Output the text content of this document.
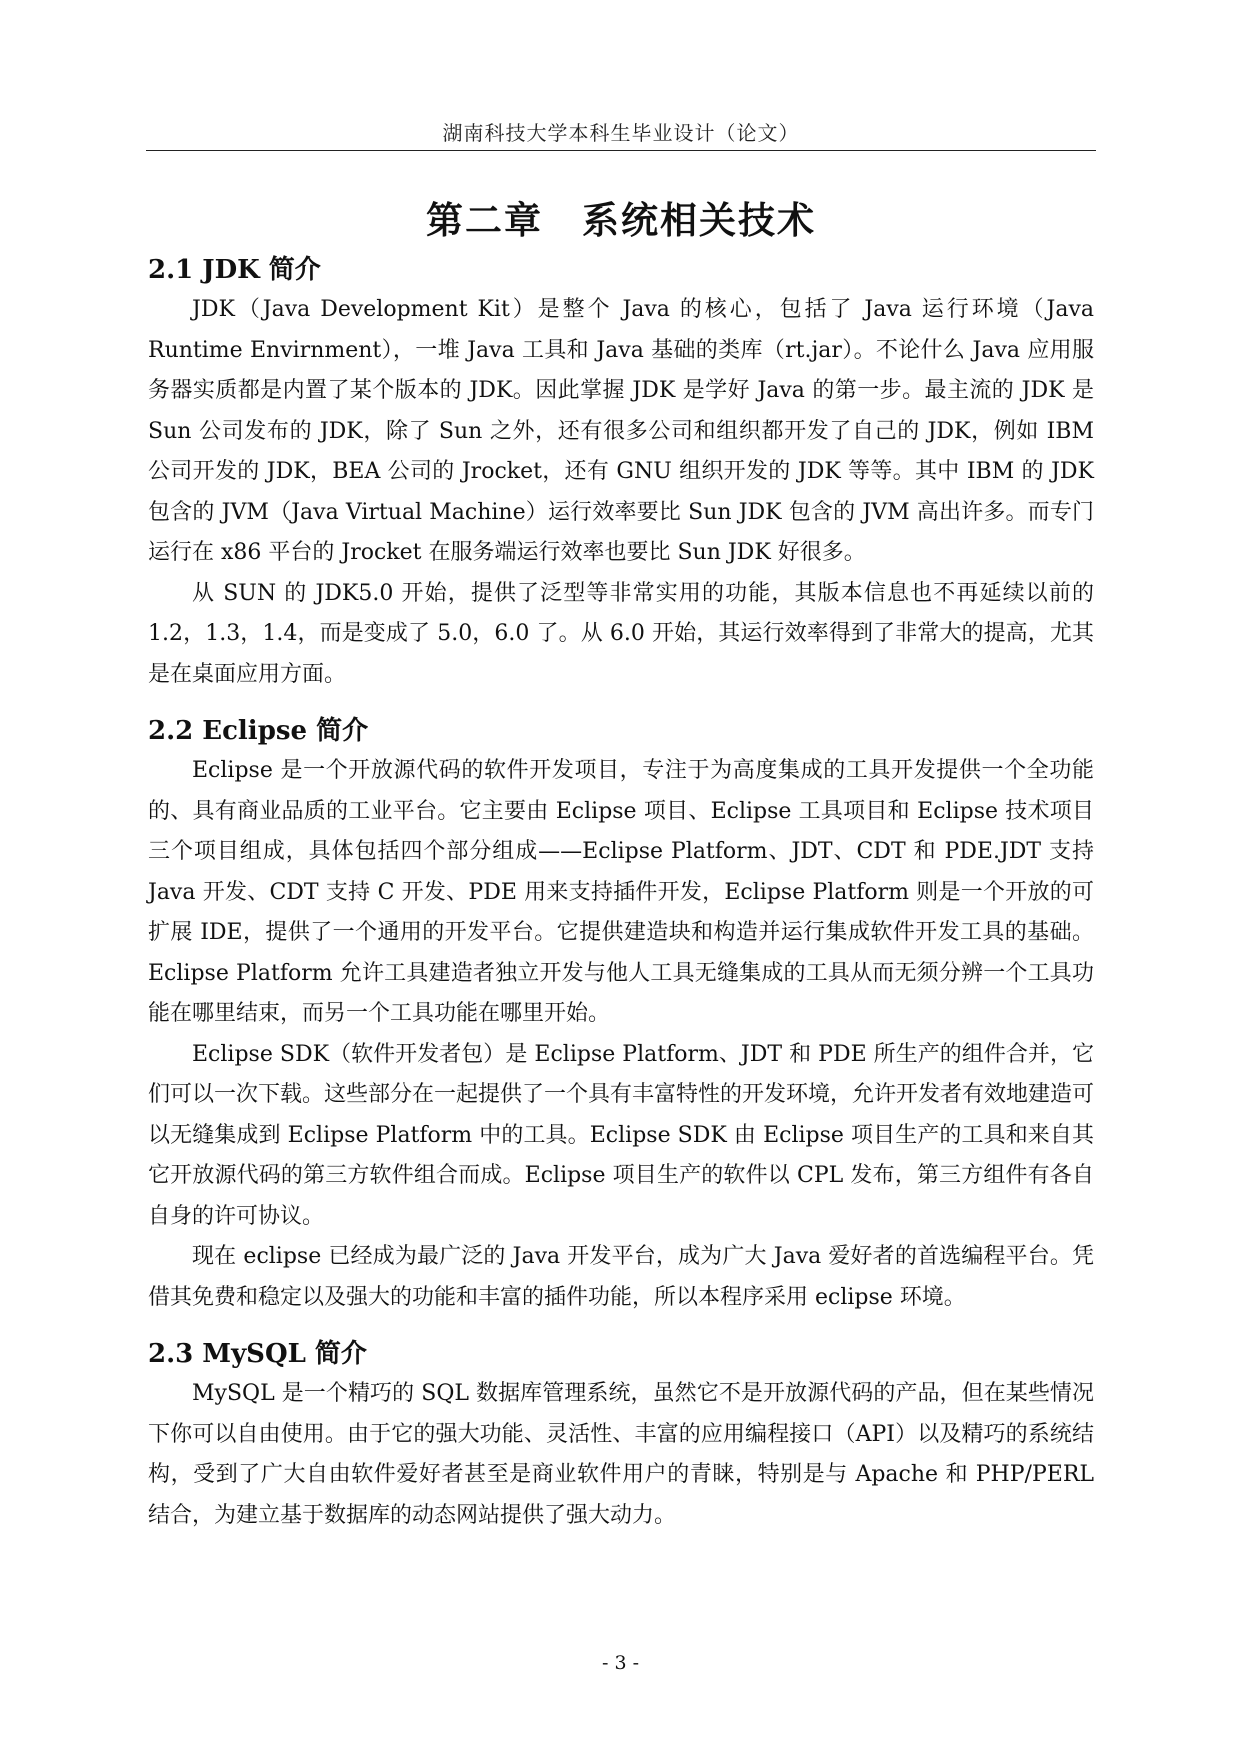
湖南科技大学本科生毕业设计（论文）
第二章　系统相关技术
2.1 JDK 简介

JDK（Java Development Kit）是整个 Java 的核心，包括了 Java 运行环境（Java Runtime Envirnment），一堆 Java 工具和 Java 基础的类库（rt.jar）。不论什么 Java 应用服务器实质都是内置了某个版本的 JDK。因此掌握 JDK 是学好 Java 的第一步。最主流的 JDK 是 Sun 公司发布的 JDK，除了 Sun 之外，还有很多公司和组织都开发了自己的 JDK，例如 IBM 公司开发的 JDK，BEA 公司的 Jrocket，还有 GNU 组织开发的 JDK 等等。其中 IBM 的 JDK 包含的 JVM（Java Virtual Machine）运行效率要比 Sun JDK 包含的 JVM 高出许多。而专门运行在 x86 平台的 Jrocket 在服务端运行效率也要比 Sun JDK 好很多。

从 SUN 的 JDK5.0 开始，提供了泛型等非常实用的功能，其版本信息也不再延续以前的 1.2，1.3，1.4，而是变成了 5.0，6.0 了。从 6.0 开始，其运行效率得到了非常大的提高，尤其是在桌面应用方面。

2.2 Eclipse 简介

Eclipse 是一个开放源代码的软件开发项目，专注于为高度集成的工具开发提供一个全功能的、具有商业品质的工业平台。它主要由 Eclipse 项目、Eclipse 工具项目和 Eclipse 技术项目三个项目组成，具体包括四个部分组成——Eclipse Platform、JDT、CDT 和 PDE.JDT 支持 Java 开发、CDT 支持 C 开发、PDE 用来支持插件开发，Eclipse Platform 则是一个开放的可扩展 IDE，提供了一个通用的开发平台。它提供建造块和构造并运行集成软件开发工具的基础。Eclipse Platform 允许工具建造者独立开发与他人工具无缝集成的工具从而无须分辨一个工具功能在哪里结束，而另一个工具功能在哪里开始。

Eclipse SDK（软件开发者包）是 Eclipse Platform、JDT 和 PDE 所生产的组件合并，它们可以一次下载。这些部分在一起提供了一个具有丰富特性的开发环境，允许开发者有效地建造可以无缝集成到 Eclipse Platform 中的工具。Eclipse SDK 由 Eclipse 项目生产的工具和来自其它开放源代码的第三方软件组合而成。Eclipse 项目生产的软件以 CPL 发布，第三方组件有各自自身的许可协议。

现在 eclipse 已经成为最广泛的 Java 开发平台，成为广大 Java 爱好者的首选编程平台。凭借其免费和稳定以及强大的功能和丰富的插件功能，所以本程序采用 eclipse 环境。

2.3 MySQL 简介

MySQL 是一个精巧的 SQL 数据库管理系统，虽然它不是开放源代码的产品，但在某些情况下你可以自由使用。由于它的强大功能、灵活性、丰富的应用编程接口（API）以及精巧的系统结构，受到了广大自由软件爱好者甚至是商业软件用户的青睐，特别是与 Apache 和 PHP/PERL 结合，为建立基于数据库的动态网站提供了强大动力。

- 3 -
